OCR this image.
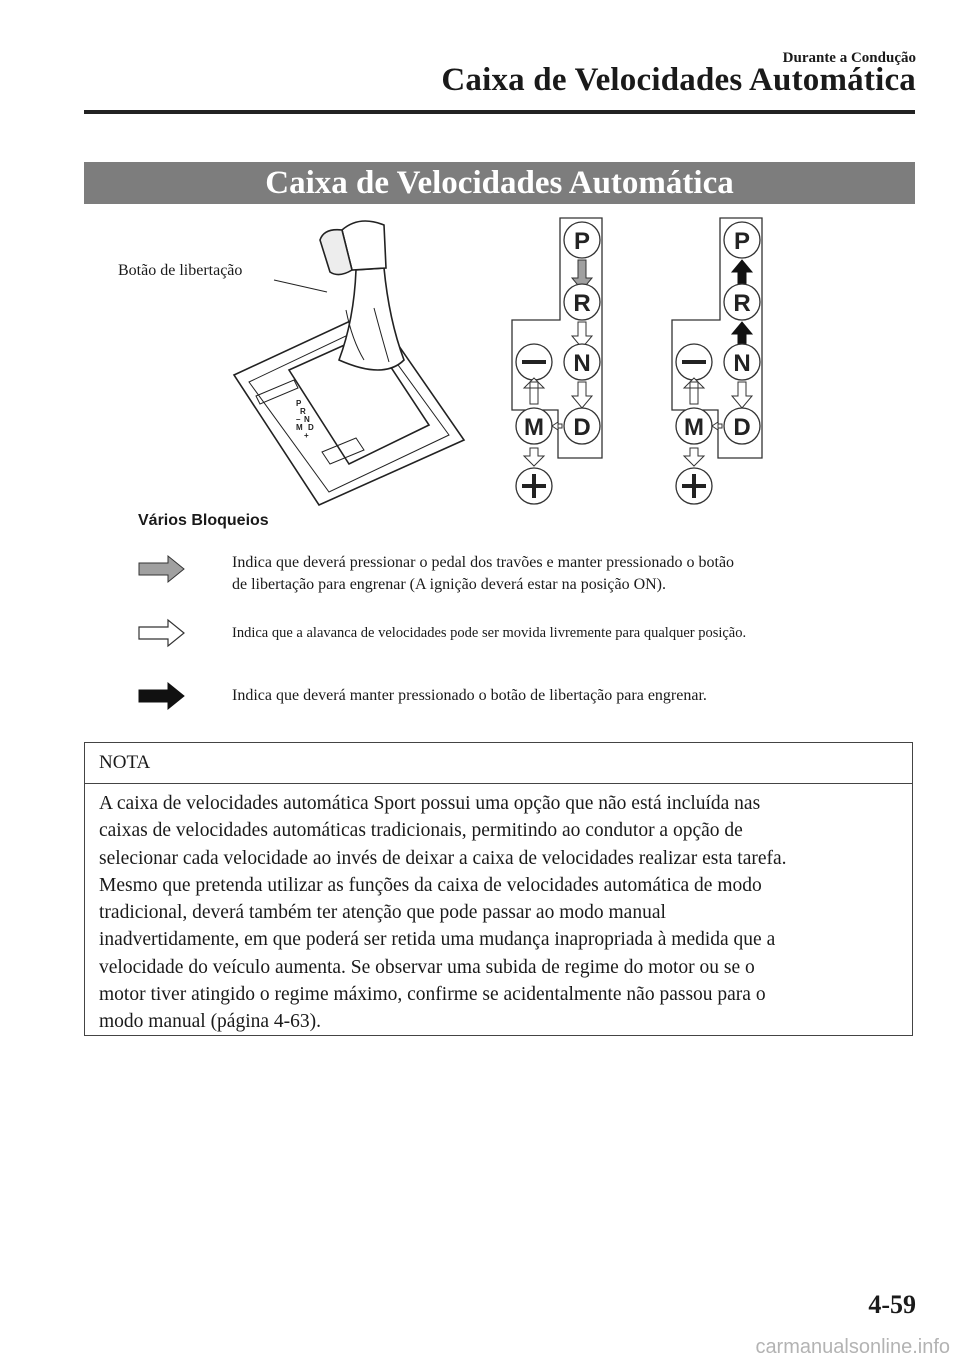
Durante a Condução
Caixa de Velocidades Automática
Caixa de Velocidades Automática
P
R
– N
M D
+
P
R
N
D
M
P
R
N
D
M
Botão de libertação
Vários Bloqueios
Indica que deverá pressionar o pedal dos travões e manter pressionado o botão
de libertação para engrenar (A ignição deverá estar na posição ON).
Indica que a alavanca de velocidades pode ser movida livremente para qualquer posição.
Indica que deverá manter pressionado o botão de libertação para engrenar.
NOTA
A caixa de velocidades automática Sport possui uma opção que não está incluída nas
caixas de velocidades automáticas tradicionais, permitindo ao condutor a opção de
selecionar cada velocidade ao invés de deixar a caixa de velocidades realizar esta tarefa.
Mesmo que pretenda utilizar as funções da caixa de velocidades automática de modo
tradicional, deverá também ter atenção que pode passar ao modo manual
inadvertidamente, em que poderá ser retida uma mudança inapropriada à medida que a
velocidade do veículo aumenta. Se observar uma subida de regime do motor ou se o
motor tiver atingido o regime máximo, confirme se acidentalmente não passou para o
modo manual (página 4-63).
4-59
carmanualsonline.info
